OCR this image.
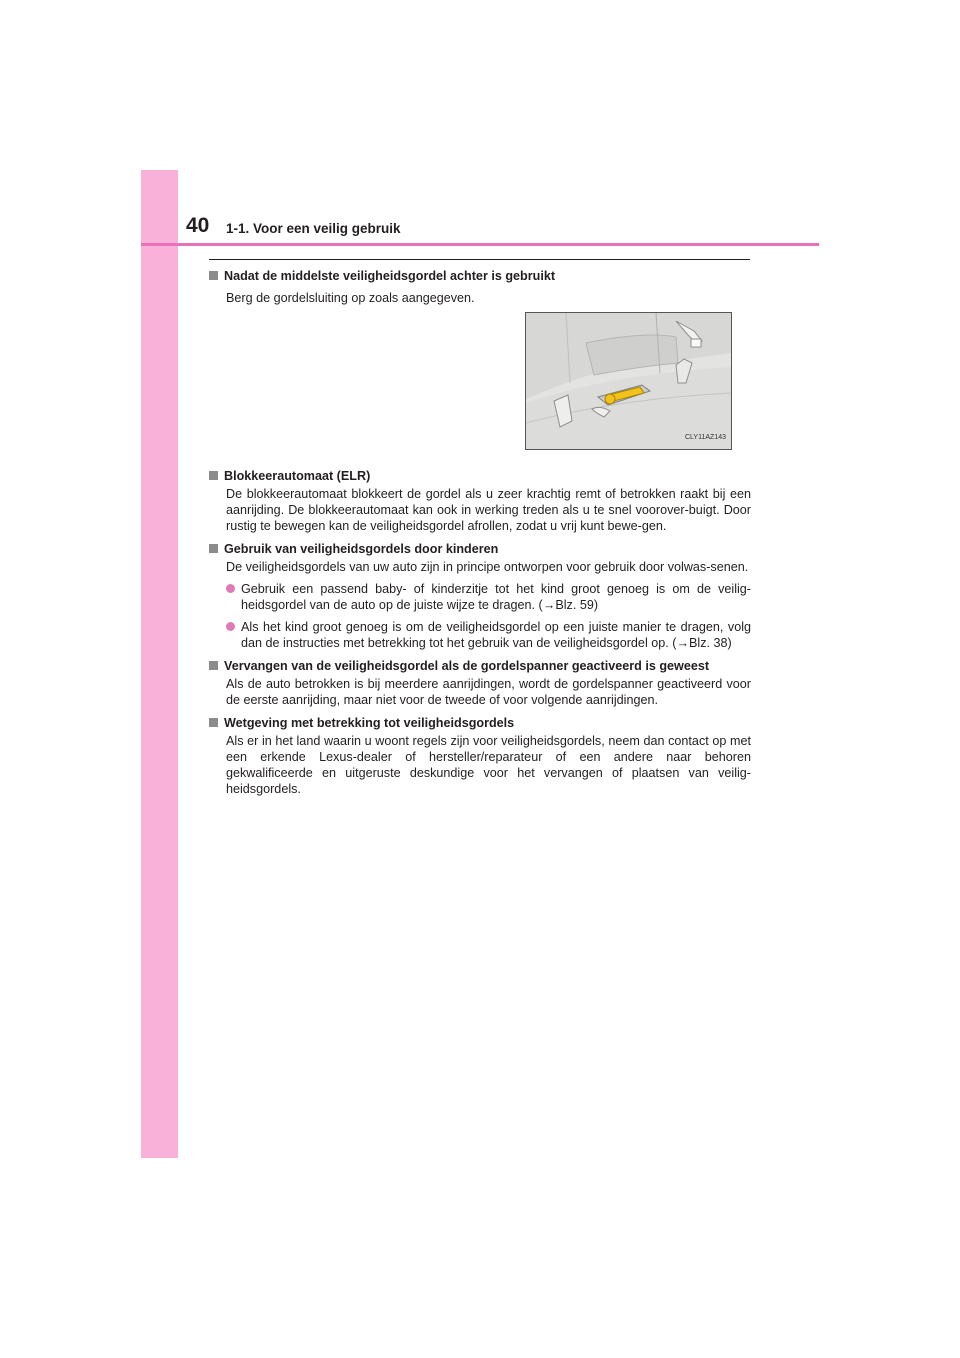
40 1-1. Voor een veilig gebruik
Nadat de middelste veiligheidsgordel achter is gebruikt
Berg de gordelsluiting op zoals aangegeven.
CLY11AZ143
Blokkeerautomaat (ELR)
De blokkeerautomaat blokkeert de gordel als u zeer krachtig remt of betrokken raakt bij een aanrijding. De blokkeerautomaat kan ook in werking treden als u te snel voorover-buigt. Door rustig te bewegen kan de veiligheidsgordel afrollen, zodat u vrij kunt bewe-gen.
Gebruik van veiligheidsgordels door kinderen
De veiligheidsgordels van uw auto zijn in principe ontworpen voor gebruik door volwas-senen.
Gebruik een passend baby- of kinderzitje tot het kind groot genoeg is om de veilig-heidsgordel van de auto op de juiste wijze te dragen. (→Blz. 59)
Als het kind groot genoeg is om de veiligheidsgordel op een juiste manier te dragen, volg dan de instructies met betrekking tot het gebruik van de veiligheidsgordel op. (→Blz. 38)
Vervangen van de veiligheidsgordel als de gordelspanner geactiveerd is geweest
Als de auto betrokken is bij meerdere aanrijdingen, wordt de gordelspanner geactiveerd voor de eerste aanrijding, maar niet voor de tweede of voor volgende aanrijdingen.
Wetgeving met betrekking tot veiligheidsgordels
Als er in het land waarin u woont regels zijn voor veiligheidsgordels, neem dan contact op met een erkende Lexus-dealer of hersteller/reparateur of een andere naar behoren gekwalificeerde en uitgeruste deskundige voor het vervangen of plaatsen van veilig-heidsgordels.
